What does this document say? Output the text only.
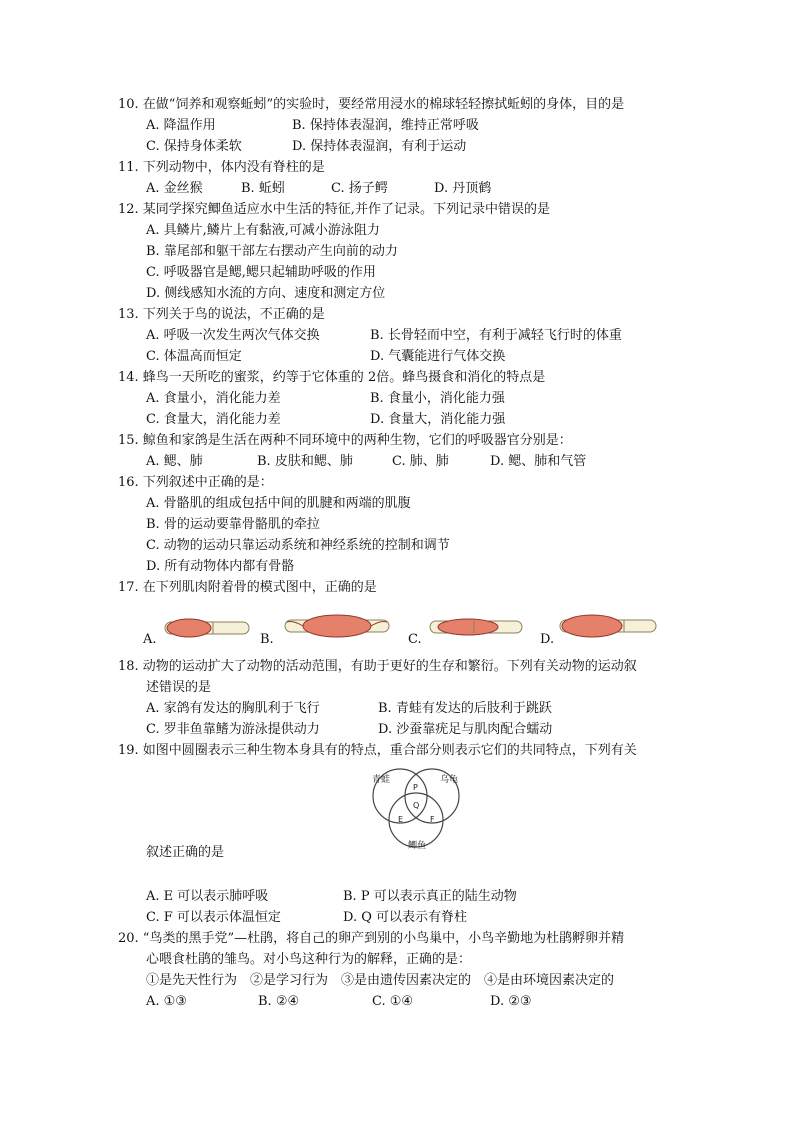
10. 在做“饲养和观察蚯蚓”的实验时，要经常用浸水的棉球轻轻擦拭蚯蚓的身体，目的是
A. 降温作用	B. 保持体表湿润，维持正常呼吸
C. 保持身体柔软	D. 保持体表湿润，有利于运动
11. 下列动物中，体内没有脊柱的是
A. 金丝猴	B. 蚯蚓	C. 扬子鳄	D. 丹顶鹤
12. 某同学探究鲫鱼适应水中生活的特征,并作了记录。下列记录中错误的是
A. 具鳞片,鳞片上有黏液,可减小游泳阻力
B. 靠尾部和躯干部左右摆动产生向前的动力
C. 呼吸器官是鳃,鳃只起辅助呼吸的作用
D. 侧线感知水流的方向、速度和测定方位
13. 下列关于鸟的说法，不正确的是
A. 呼吸一次发生两次气体交换	B. 长骨轻而中空，有利于减轻飞行时的体重
C. 体温高而恒定	D. 气囊能进行气体交换
14. 蜂鸟一天所吃的蜜浆，约等于它体重的 2倍。蜂鸟摄食和消化的特点是
A. 食量小，消化能力差	B. 食量小，消化能力强
C. 食量大，消化能力差	D. 食量大，消化能力强
15. 鲸鱼和家鸽是生活在两种不同环境中的两种生物，它们的呼吸器官分别是：
A. 鳃、肺	B. 皮肤和鳃、肺	C. 肺、肺	D. 鳃、肺和气管
16. 下列叙述中正确的是：
A. 骨骼肌的组成包括中间的肌腱和两端的肌腹
B. 骨的运动要靠骨骼肌的牵拉
C. 动物的运动只靠运动系统和神经系统的控制和调节
D. 所有动物体内都有骨骼
17. 在下列肌肉附着骨的模式图中，正确的是
A.	B.	C.	D.
18. 动物的运动扩大了动物的活动范围，有助于更好的生存和繁衍。下列有关动物的运动叙
述错误的是
A. 家鸽有发达的胸肌利于飞行	B. 青蛙有发达的后肢利于跳跃
C. 罗非鱼靠鳍为游泳提供动力	D. 沙蚕靠疣足与肌肉配合蠕动
19. 如图中圆圈表示三种生物本身具有的特点，重合部分则表示它们的共同特点，下列有关
青蛙	乌龟
鲫鱼
P
Q
E	F
叙述正确的是
A. E 可以表示肺呼吸	B. P 可以表示真正的陆生动物
C. F 可以表示体温恒定	D. Q 可以表示有脊柱
20. “鸟类的黑手党”—杜鹃，将自己的卵产到别的小鸟巢中，小鸟辛勤地为杜鹃孵卵并精
心喂食杜鹃的雏鸟。对小鸟这种行为的解释，正确的是：
①是先天性行为　②是学习行为　③是由遗传因素决定的　④是由环境因素决定的
A. ①③	B. ②④	C. ①④	D. ②③
